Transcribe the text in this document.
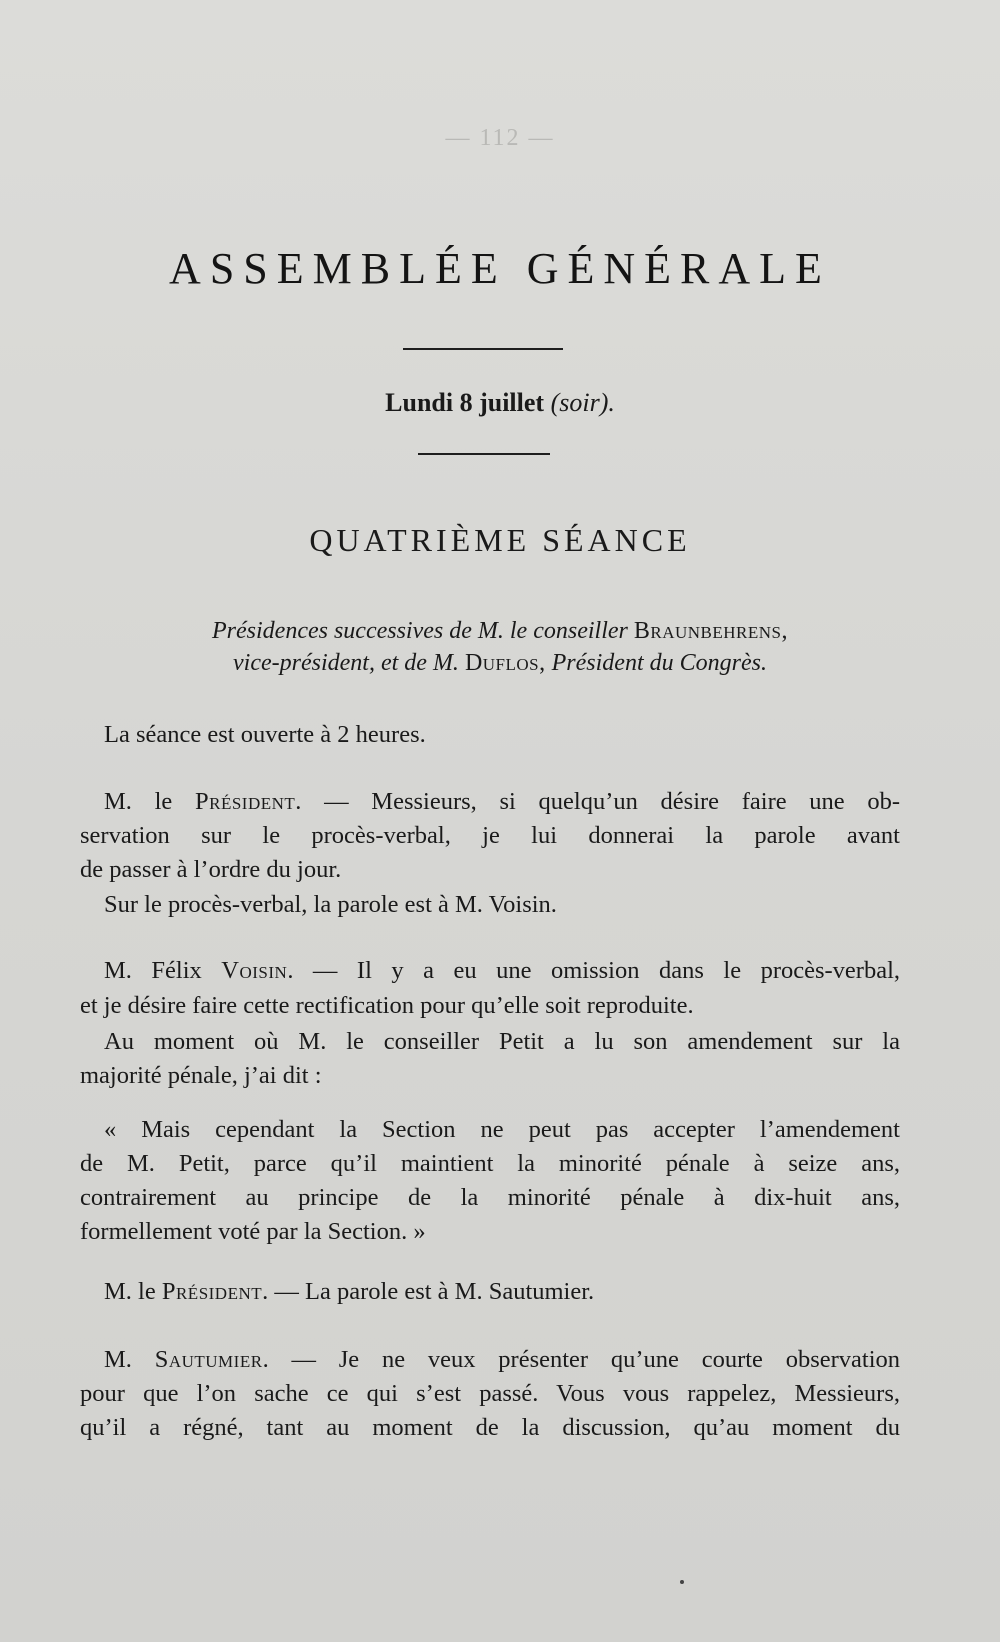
— 112 —
ASSEMBLÉE GÉNÉRALE
Lundi 8 juillet (soir).
QUATRIÈME SÉANCE
Présidences successives de M. le conseiller Braunbehrens,
vice-président, et de M. Duflos, Président du Congrès.
La séance est ouverte à 2 heures.
M. le Président. — Messieurs, si quelqu’un désire faire une ob-
servation sur le procès-verbal, je lui donnerai la parole avant
de passer à l’ordre du jour.
Sur le procès-verbal, la parole est à M. Voisin.
M. Félix Voisin. — Il y a eu une omission dans le procès-verbal,
et je désire faire cette rectification pour qu’elle soit reproduite.
Au moment où M. le conseiller Petit a lu son amendement sur la
majorité pénale, j’ai dit :
« Mais cependant la Section ne peut pas accepter l’amendement
de M. Petit, parce qu’il maintient la minorité pénale à seize ans,
contrairement au principe de la minorité pénale à dix-huit ans,
formellement voté par la Section. »
M. le Président. — La parole est à M. Sautumier.
M. Sautumier. — Je ne veux présenter qu’une courte observation
pour que l’on sache ce qui s’est passé. Vous vous rappelez, Messieurs,
qu’il a régné, tant au moment de la discussion, qu’au moment du
